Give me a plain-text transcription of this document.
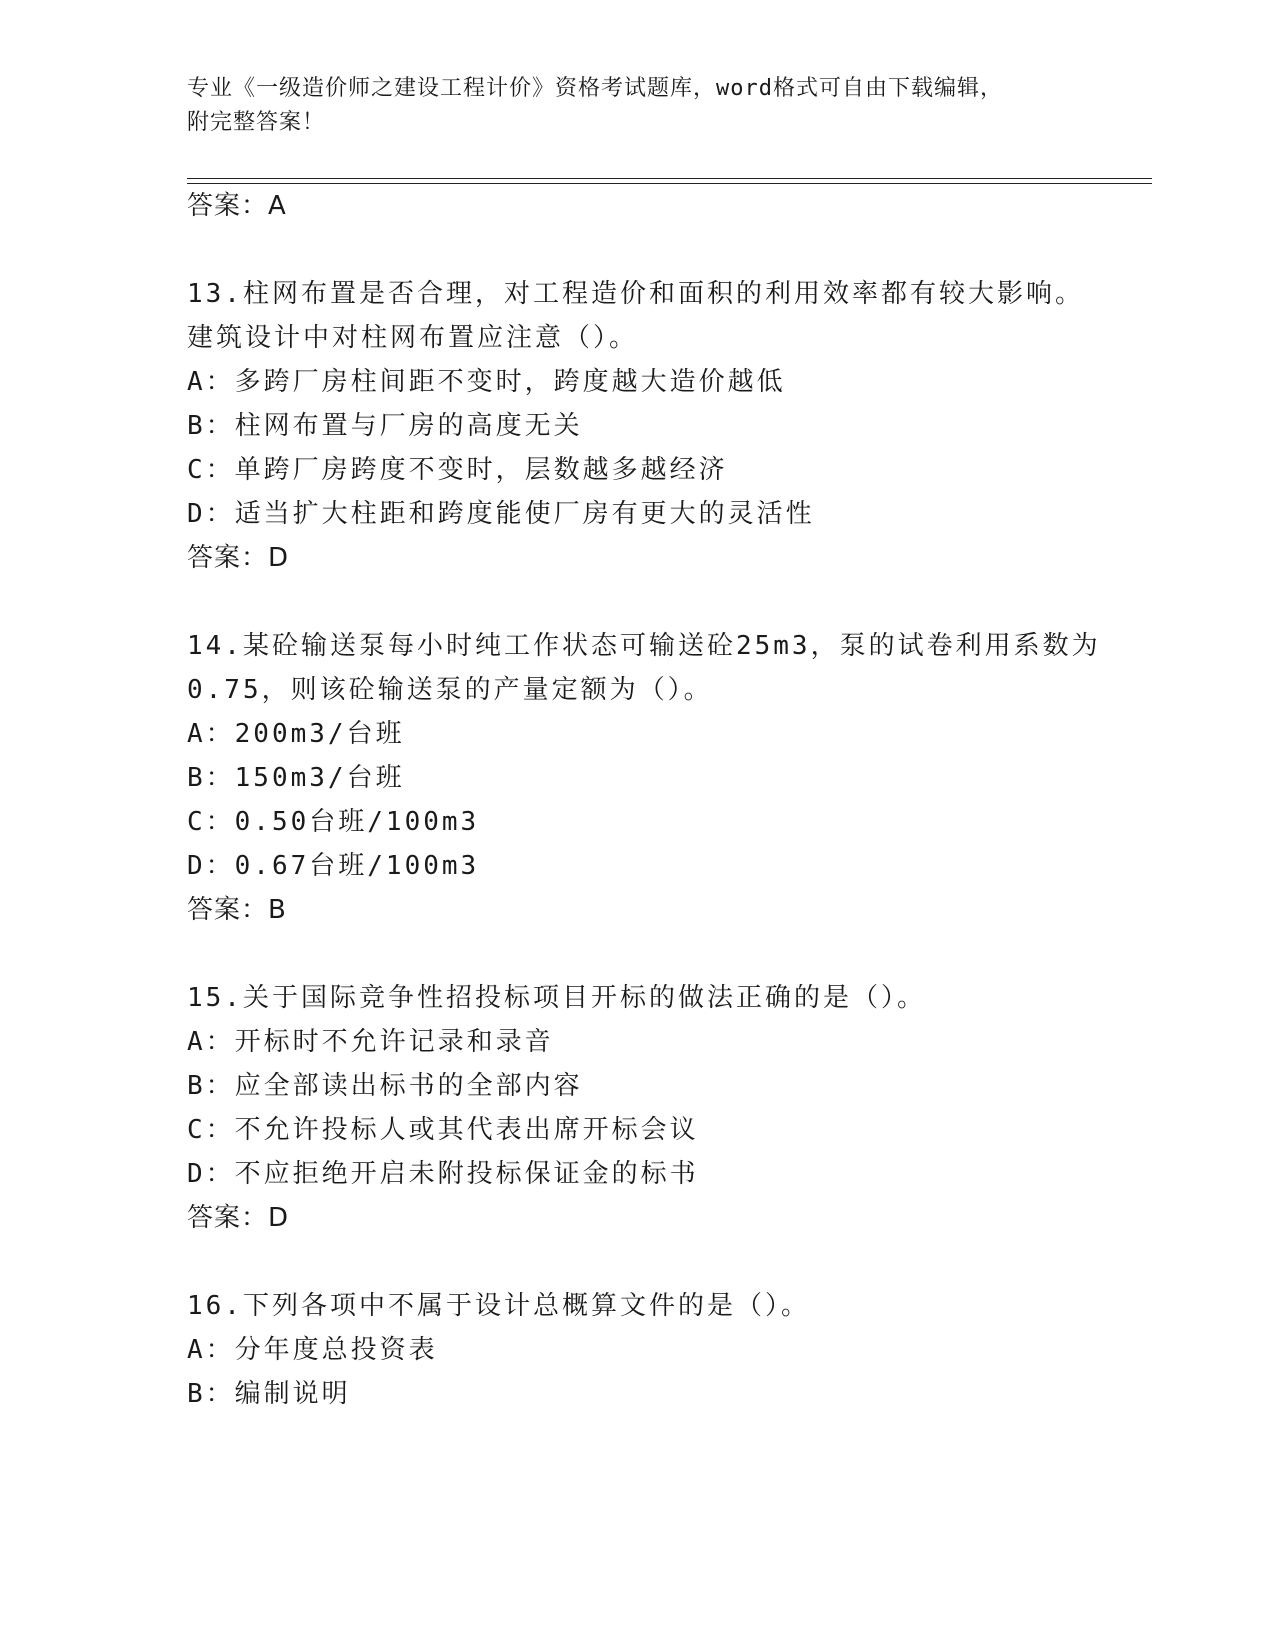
专业《一级造价师之建设工程计价》资格考试题库，word格式可自由下载编辑，
附完整答案！
答案：A
13.柱网布置是否合理，对工程造价和面积的利用效率都有较大影响。
建筑设计中对柱网布置应注意（）。
A：多跨厂房柱间距不变时，跨度越大造价越低
B：柱网布置与厂房的高度无关
C：单跨厂房跨度不变时，层数越多越经济
D：适当扩大柱距和跨度能使厂房有更大的灵活性
答案：D
14.某砼输送泵每小时纯工作状态可输送砼25m3，泵的试卷利用系数为
0.75，则该砼输送泵的产量定额为（）。
A：200m3/台班
B：150m3/台班
C：0.50台班/100m3
D：0.67台班/100m3
答案：B
15.关于国际竞争性招投标项目开标的做法正确的是（）。
A：开标时不允许记录和录音
B：应全部读出标书的全部内容
C：不允许投标人或其代表出席开标会议
D：不应拒绝开启未附投标保证金的标书
答案：D
16.下列各项中不属于设计总概算文件的是（）。
A：分年度总投资表
B：编制说明
